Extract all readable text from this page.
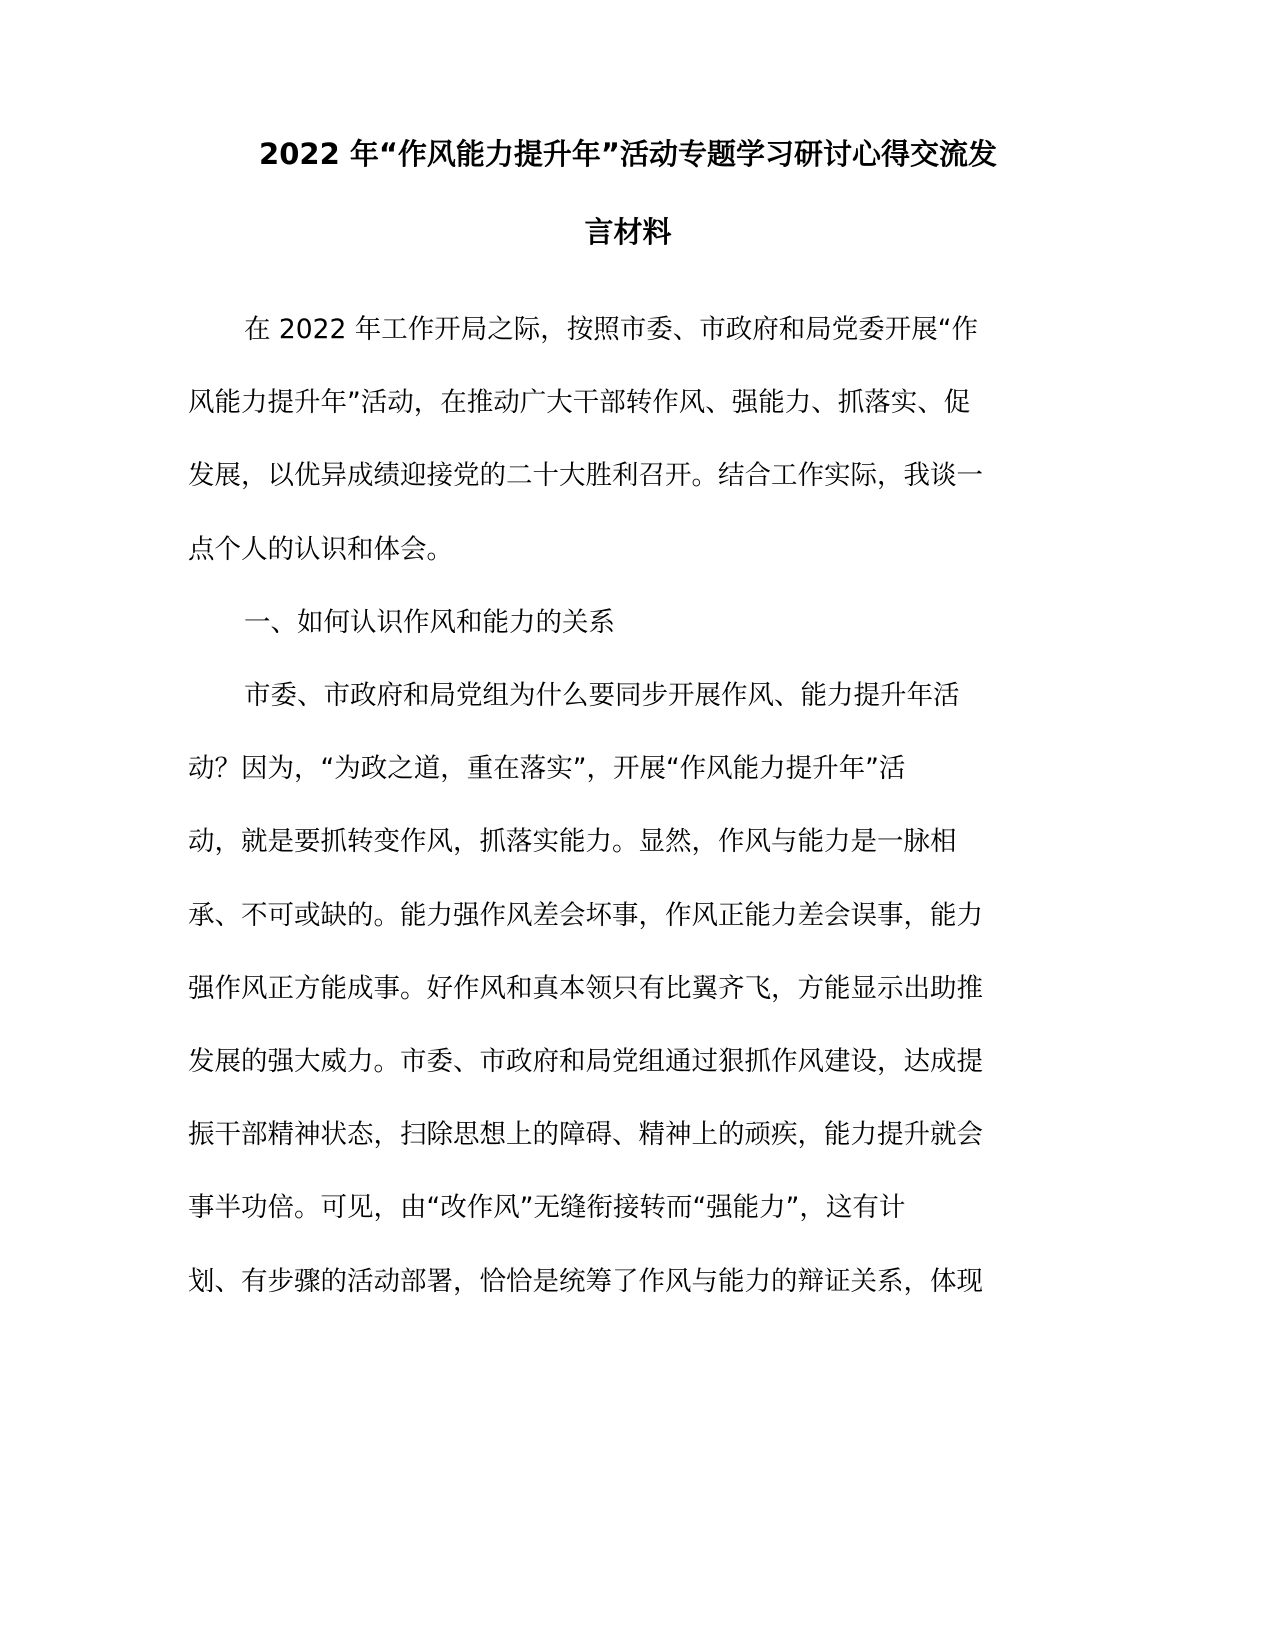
2022 年“作风能力提升年”活动专题学习研讨心得交流发
言材料
在 2022 年工作开局之际，按照市委、市政府和局党委开展“作
风能力提升年”活动，在推动广大干部转作风、强能力、抓落实、促
发展，以优异成绩迎接党的二十大胜利召开。结合工作实际，我谈一
点个人的认识和体会。
一、如何认识作风和能力的关系
市委、市政府和局党组为什么要同步开展作风、能力提升年活
动？因为，“为政之道，重在落实”，开展“作风能力提升年”活
动，就是要抓转变作风，抓落实能力。显然，作风与能力是一脉相
承、不可或缺的。能力强作风差会坏事，作风正能力差会误事，能力
强作风正方能成事。好作风和真本领只有比翼齐飞，方能显示出助推
发展的强大威力。市委、市政府和局党组通过狠抓作风建设，达成提
振干部精神状态，扫除思想上的障碍、精神上的顽疾，能力提升就会
事半功倍。可见，由“改作风”无缝衔接转而“强能力”，这有计
划、有步骤的活动部署，恰恰是统筹了作风与能力的辩证关系，体现
